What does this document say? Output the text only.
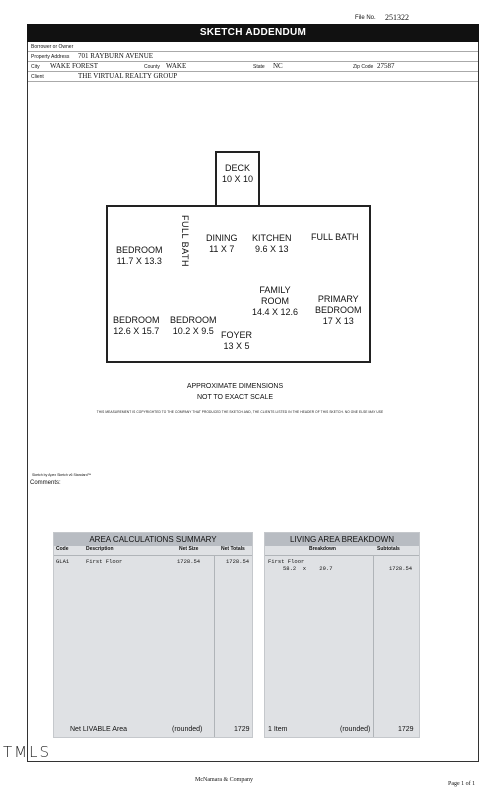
File No. 251322
SKETCH ADDENDUM
Borrower or Owner
Property Address 701 RAYBURN AVENUE
City WAKE FOREST	County WAKE	State NC	Zip Code 27587
Client	THE VIRTUAL REALTY GROUP
DECK
10 X 10
BEDROOM
11.7 X 13.3 FULL BATH DINING
11 X 7
KITCHEN
9.6 X 13
FULL BATH
FAMILY
ROOM
14.4 X 12.6
PRIMARY
BEDROOM
17 X 13
BEDROOM
12.6 X 15.7
BEDROOM
10.2 X 9.5 FOYER
13 X 5
APPROXIMATE DIMENSIONS
NOT TO EXACT SCALE
THIS MEASUREMENT IS COPYRIGHTED TO THE COMPANY THAT PRODUCED THE SKETCH AND, THE CLIENTS LISTED IN THE HEADER OF THIS SKETCH. NO ONE ELSE MAY USE
Sketch by Apex Sketch v6 Standard™
Comments:
AREA CALCULATIONS SUMMARY
Code	Description	Net Size	Net Totals
GLA1	First Floor	1728.54	1728.54
Net LIVABLE Area	(rounded)	1729
LIVING AREA BREAKDOWN
Breakdown	Subtotals
First Floor
58.2  x    29.7	1728.54
1 Item	(rounded)	1729
TMLS
McNamara & Company
Page 1 of 1
